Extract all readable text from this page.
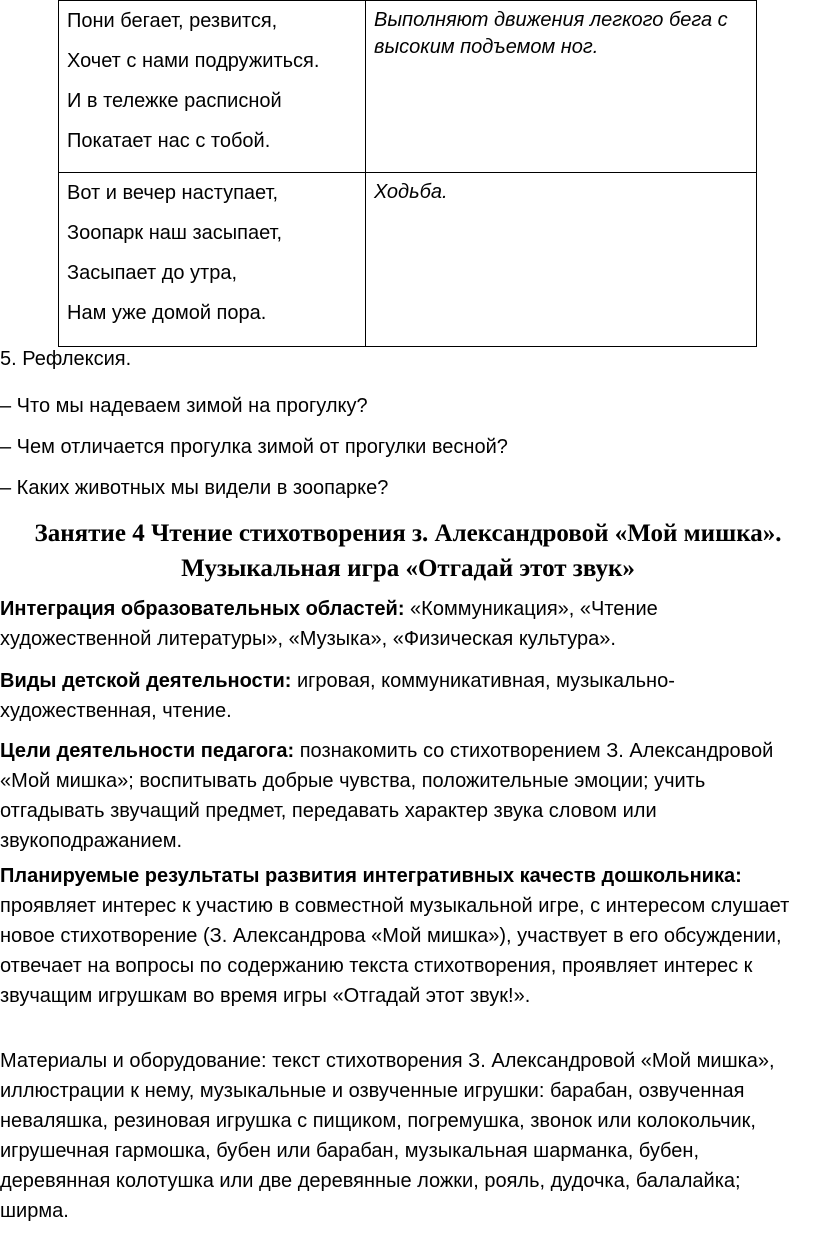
Пони бегает, резвится,
Хочет с нами подружиться.
И в тележке расписной
Покатает нас с тобой.	Выполняют движения легкого бега с высоким подъемом ног.

Вот и вечер наступает,
Зоопарк наш засыпает,
Засыпает до утра,
Нам уже домой пора.	Ходьба.
5. Рефлексия.
– Что мы надеваем зимой на прогулку?
– Чем отличается прогулка зимой от прогулки весной?
– Каких животных мы видели в зоопарке?
Занятие 4 Чтение стихотворения з. Александровой «Мой мишка».
Музыкальная игра «Отгадай этот звук»
Интеграция образовательных областей: «Коммуникация», «Чтение художественной литературы», «Музыка», «Физическая культура».
Виды детской деятельности: игровая, коммуникативная, музыкально-художественная, чтение.
Цели деятельности педагога: познакомить со стихотворением З. Александровой «Мой мишка»; воспитывать добрые чувства, положительные эмоции; учить отгадывать звучащий предмет, передавать характер звука словом или звукоподражанием.
Планируемые результаты развития интегративных качеств дошкольника: проявляет интерес к участию в совместной музыкальной игре, с интересом слушает новое стихотворение (З. Александрова «Мой мишка»), участвует в его обсуждении, отвечает на вопросы по содержанию текста стихотворения, проявляет интерес к звучащим игрушкам во время игры «Отгадай этот звук!».
Материалы и оборудование: текст стихотворения З. Александровой «Мой мишка», иллюстрации к нему, музыкальные и озвученные игрушки: барабан, озвученная неваляшка, резиновая игрушка с пищиком, погремушка, звонок или колокольчик, игрушечная гармошка, бубен или барабан, музыкальная шарманка, бубен, деревянная колотушка или две деревянные ложки, рояль, дудочка, балалайка; ширма.
